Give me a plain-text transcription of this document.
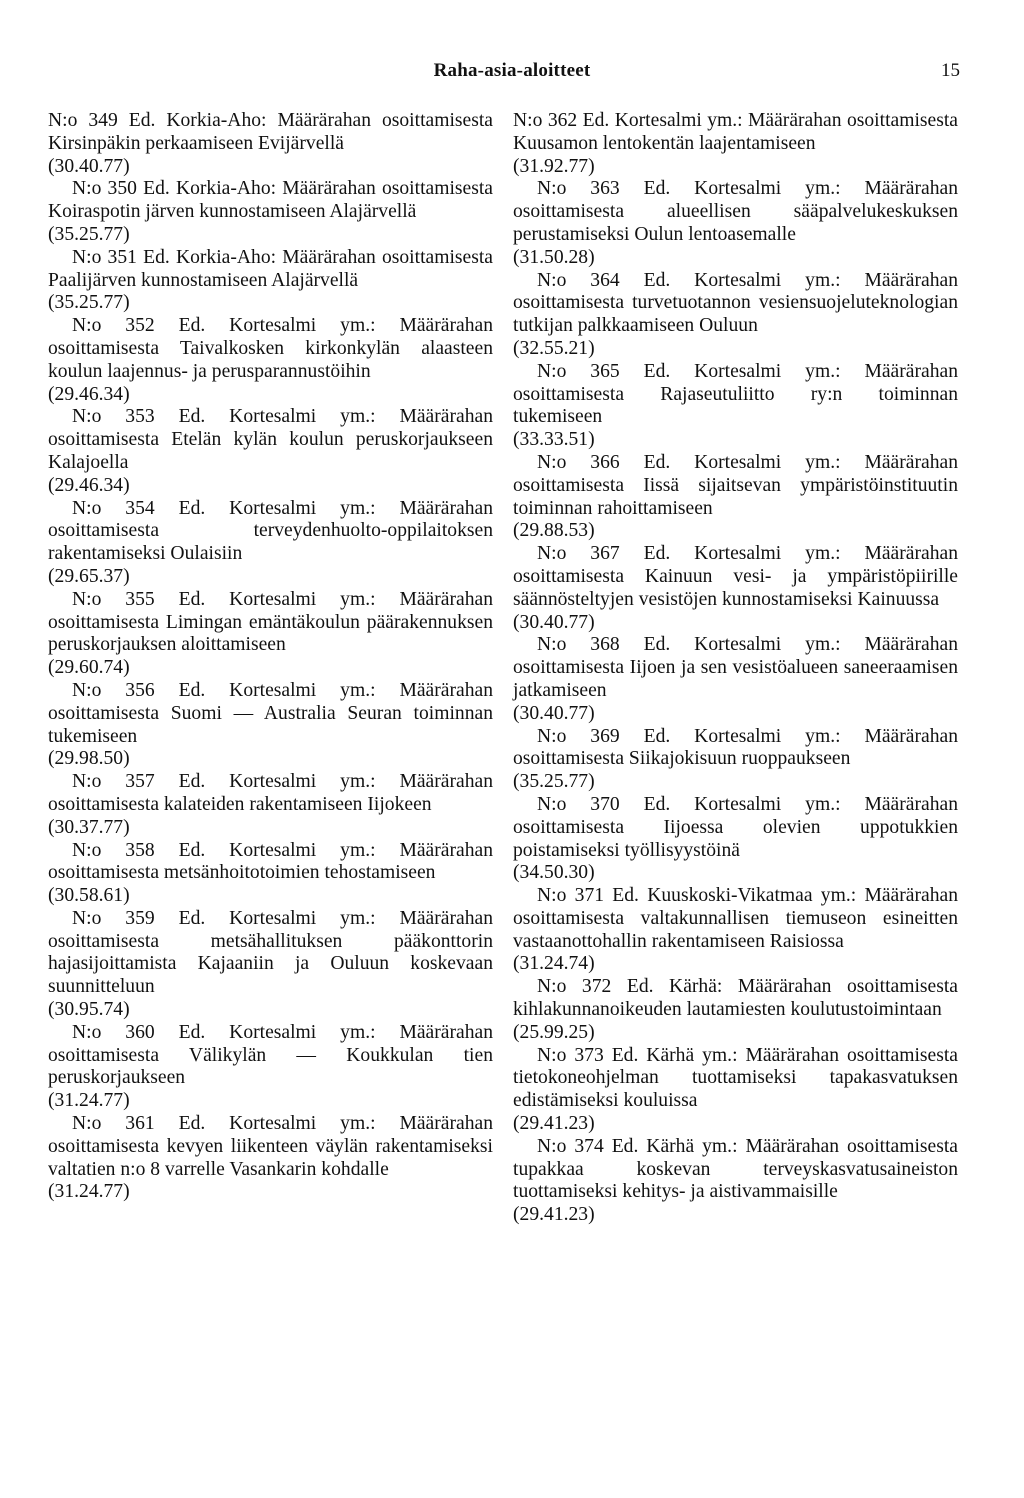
Raha-asia-aloitteet	15
N:o 349 Ed. Korkia-Aho: Määrärahan osoittamisesta Kirsinpäkin perkaamiseen Evijärvellä
(30.40.77)
N:o 350 Ed. Korkia-Aho: Määrärahan osoittamisesta Koiraspotin järven kunnostamiseen Alajärvellä
(35.25.77)
N:o 351 Ed. Korkia-Aho: Määrärahan osoittamisesta Paalijärven kunnostamiseen Alajärvellä
(35.25.77)
N:o 352 Ed. Kortesalmi ym.: Määrärahan osoittamisesta Taivalkosken kirkonkylän alaasteen koulun laajennus- ja perusparannustöihin
(29.46.34)
N:o 353 Ed. Kortesalmi ym.: Määrärahan osoittamisesta Etelän kylän koulun peruskorjaukseen Kalajoella
(29.46.34)
N:o 354 Ed. Kortesalmi ym.: Määrärahan osoittamisesta terveydenhuolto-oppilaitoksen rakentamiseksi Oulaisiin
(29.65.37)
N:o 355 Ed. Kortesalmi ym.: Määrärahan osoittamisesta Limingan emäntäkoulun päärakennuksen peruskorjauksen aloittamiseen
(29.60.74)
N:o 356 Ed. Kortesalmi ym.: Määrärahan osoittamisesta Suomi — Australia Seuran toiminnan tukemiseen
(29.98.50)
N:o 357 Ed. Kortesalmi ym.: Määrärahan osoittamisesta kalateiden rakentamiseen Iijokeen
(30.37.77)
N:o 358 Ed. Kortesalmi ym.: Määrärahan osoittamisesta metsänhoitotoimien tehostamiseen
(30.58.61)
N:o 359 Ed. Kortesalmi ym.: Määrärahan osoittamisesta metsähallituksen pääkonttorin hajasijoittamista Kajaaniin ja Ouluun koskevaan suunnitteluun
(30.95.74)
N:o 360 Ed. Kortesalmi ym.: Määrärahan osoittamisesta Välikylän — Koukkulan tien peruskorjaukseen
(31.24.77)
N:o 361 Ed. Kortesalmi ym.: Määrärahan osoittamisesta kevyen liikenteen väylän rakentamiseksi valtatien n:o 8 varrelle Vasankarin kohdalle
(31.24.77)
N:o 362 Ed. Kortesalmi ym.: Määrärahan osoittamisesta Kuusamon lentokentän laajentamiseen
(31.92.77)
N:o 363 Ed. Kortesalmi ym.: Määrärahan osoittamisesta alueellisen sääpalvelukeskuksen perustamiseksi Oulun lentoasemalle
(31.50.28)
N:o 364 Ed. Kortesalmi ym.: Määrärahan osoittamisesta turvetuotannon vesiensuojeluteknologian tutkijan palkkaamiseen Ouluun
(32.55.21)
N:o 365 Ed. Kortesalmi ym.: Määrärahan osoittamisesta Rajaseutuliitto ry:n toiminnan tukemiseen
(33.33.51)
N:o 366 Ed. Kortesalmi ym.: Määrärahan osoittamisesta Iissä sijaitsevan ympäristöinstituutin toiminnan rahoittamiseen
(29.88.53)
N:o 367 Ed. Kortesalmi ym.: Määrärahan osoittamisesta Kainuun vesi- ja ympäristöpiirille säännösteltyjen vesistöjen kunnostamiseksi Kainuussa
(30.40.77)
N:o 368 Ed. Kortesalmi ym.: Määrärahan osoittamisesta Iijoen ja sen vesistöalueen saneeraamisen jatkamiseen
(30.40.77)
N:o 369 Ed. Kortesalmi ym.: Määrärahan osoittamisesta Siikajokisuun ruoppaukseen
(35.25.77)
N:o 370 Ed. Kortesalmi ym.: Määrärahan osoittamisesta Iijoessa olevien uppotukkien poistamiseksi työllisyystöinä
(34.50.30)
N:o 371 Ed. Kuuskoski-Vikatmaa ym.: Määrärahan osoittamisesta valtakunnallisen tiemuseon esineitten vastaanottohallin rakentamiseen Raisiossa
(31.24.74)
N:o 372 Ed. Kärhä: Määrärahan osoittamisesta kihlakunnanoikeuden lautamiesten koulutustoimintaan
(25.99.25)
N:o 373 Ed. Kärhä ym.: Määrärahan osoittamisesta tietokoneohjelman tuottamiseksi tapakasvatuksen edistämiseksi kouluissa
(29.41.23)
N:o 374 Ed. Kärhä ym.: Määrärahan osoittamisesta tupakkaa koskevan terveyskasvatusaineiston tuottamiseksi kehitys- ja aistivammaisille
(29.41.23)
